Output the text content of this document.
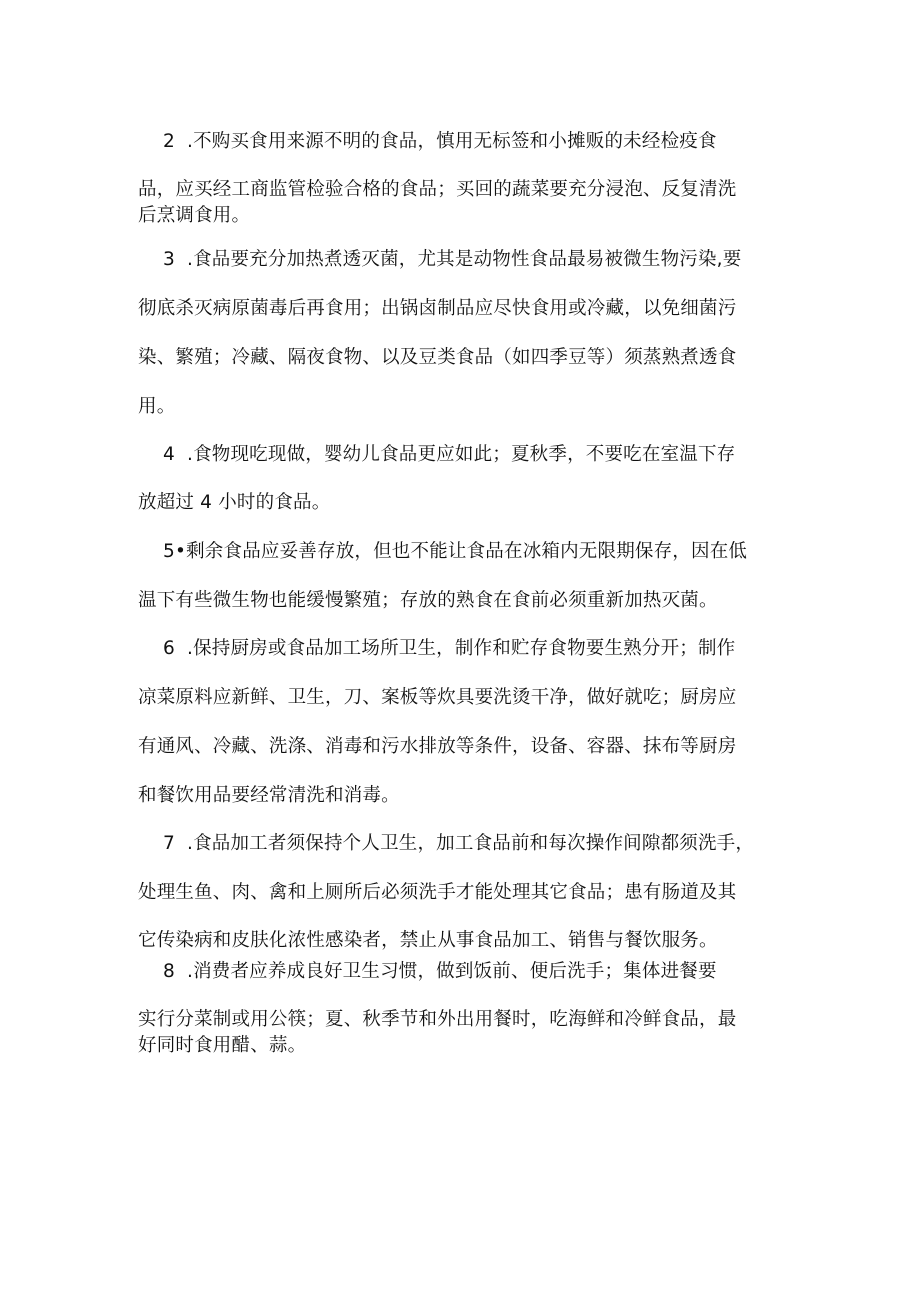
2 .不购买食用来源不明的食品，慎用无标签和小摊贩的未经检疫食
品，应买经工商监管检验合格的食品；买回的蔬菜要充分浸泡、反复清洗
后烹调食用。
3 .食品要充分加热煮透灭菌，尤其是动物性食品最易被微生物污染,要
彻底杀灭病原菌毒后再食用；出锅卤制品应尽快食用或冷藏，以免细菌污
染、繁殖；冷藏、隔夜食物、以及豆类食品（如四季豆等）须蒸熟煮透食
用。
4 .食物现吃现做，婴幼儿食品更应如此；夏秋季，不要吃在室温下存
放超过 4 小时的食品。
5•剩余食品应妥善存放，但也不能让食品在冰箱内无限期保存，因在低
温下有些微生物也能缓慢繁殖；存放的熟食在食前必须重新加热灭菌。
6 .保持厨房或食品加工场所卫生，制作和贮存食物要生熟分开；制作
凉菜原料应新鲜、卫生，刀、案板等炊具要洗烫干净，做好就吃；厨房应
有通风、冷藏、洗涤、消毒和污水排放等条件，设备、容器、抹布等厨房
和餐饮用品要经常清洗和消毒。
7 .食品加工者须保持个人卫生，加工食品前和每次操作间隙都须洗手，
处理生鱼、肉、禽和上厕所后必须洗手才能处理其它食品；患有肠道及其
它传染病和皮肤化浓性感染者，禁止从事食品加工、销售与餐饮服务。
8 .消费者应养成良好卫生习惯，做到饭前、便后洗手；集体进餐要
实行分菜制或用公筷；夏、秋季节和外出用餐时，吃海鲜和冷鲜食品，最
好同时食用醋、蒜。
